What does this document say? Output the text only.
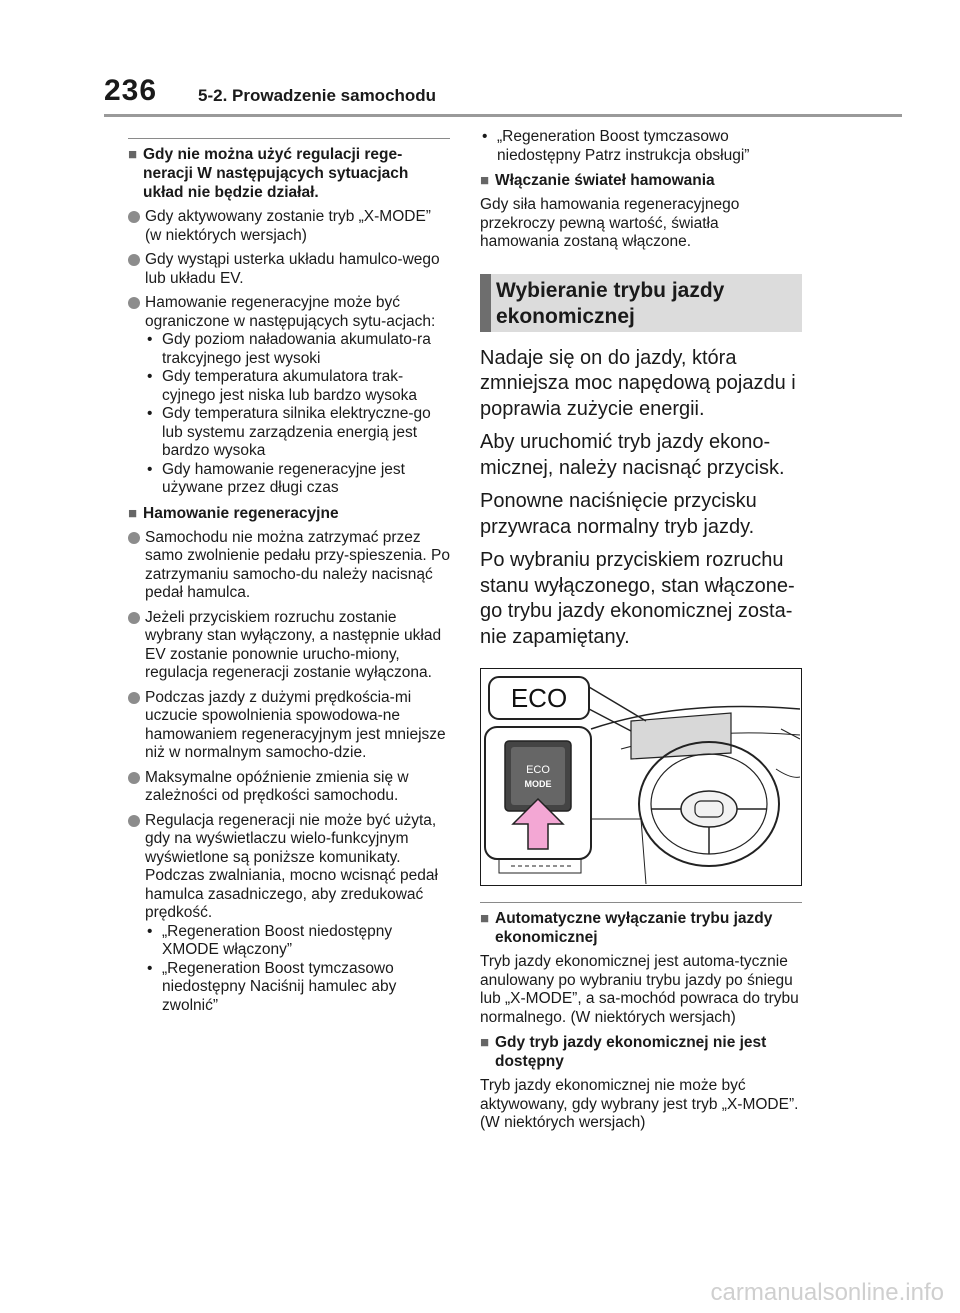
236 5-2. Prowadzenie samochodu
■ Gdy nie można użyć regulacji rege-neracji W następujących sytuacjach układ nie będzie działał.
Gdy aktywowany zostanie tryb „X-MODE” (w niektórych wersjach)
Gdy wystąpi usterka układu hamulco-wego lub układu EV.
Hamowanie regeneracyjne może być ograniczone w następujących sytu-acjach:
• Gdy poziom naładowania akumulato-ra trakcyjnego jest wysoki
• Gdy temperatura akumulatora trak-cyjnego jest niska lub bardzo wysoka
• Gdy temperatura silnika elektryczne-go lub systemu zarządzenia energią jest bardzo wysoka
• Gdy hamowanie regeneracyjne jest używane przez długi czas
■ Hamowanie regeneracyjne
Samochodu nie można zatrzymać przez samo zwolnienie pedału przy-spieszenia. Po zatrzymaniu samocho-du należy nacisnąć pedał hamulca.
Jeżeli przyciskiem rozruchu zostanie wybrany stan wyłączony, a następnie układ EV zostanie ponownie urucho-miony, regulacja regeneracji zostanie wyłączona.
Podczas jazdy z dużymi prędkościa-mi uczucie spowolnienia spowodowa-ne hamowaniem regeneracyjnym jest mniejsze niż w normalnym samocho-dzie.
Maksymalne opóźnienie zmienia się w zależności od prędkości samochodu.
Regulacja regeneracji nie może być użyta, gdy na wyświetlaczu wielo-funkcyjnym wyświetlone są poniższe komunikaty.
Podczas zwalniania, mocno wcisnąć pedał hamulca zasadniczego, aby zredukować prędkość.
• „Regeneration Boost niedostępny XMODE włączony”
• „Regeneration Boost tymczasowo niedostępny Naciśnij hamulec aby zwolnić”
• „Regeneration Boost tymczasowo niedostępny Patrz instrukcja obsługi”
■ Włączanie świateł hamowania
Gdy siła hamowania regeneracyjnego przekroczy pewną wartość, światła hamowania zostaną włączone.
Wybieranie trybu jazdy ekonomicznej
Nadaje się on do jazdy, która zmniejsza moc napędową pojazdu i poprawia zużycie energii.
Aby uruchomić tryb jazdy ekono-micznej, należy nacisnąć przycisk.
Ponowne naciśnięcie przycisku przywraca normalny tryb jazdy.
Po wybraniu przyciskiem rozruchu stanu wyłączonego, stan włączone-go trybu jazdy ekonomicznej zosta-nie zapamiętany.
ECO
ECO
MODE
■ Automatyczne wyłączanie trybu jazdy ekonomicznej
Tryb jazdy ekonomicznej jest automa-tycznie anulowany po wybraniu trybu jazdy po śniegu lub „X-MODE”, a sa-mochód powraca do trybu normalnego. (W niektórych wersjach)
■ Gdy tryb jazdy ekonomicznej nie jest dostępny
Tryb jazdy ekonomicznej nie może być aktywowany, gdy wybrany jest tryb „X-MODE”. (W niektórych wersjach)
carmanualsonline.info
